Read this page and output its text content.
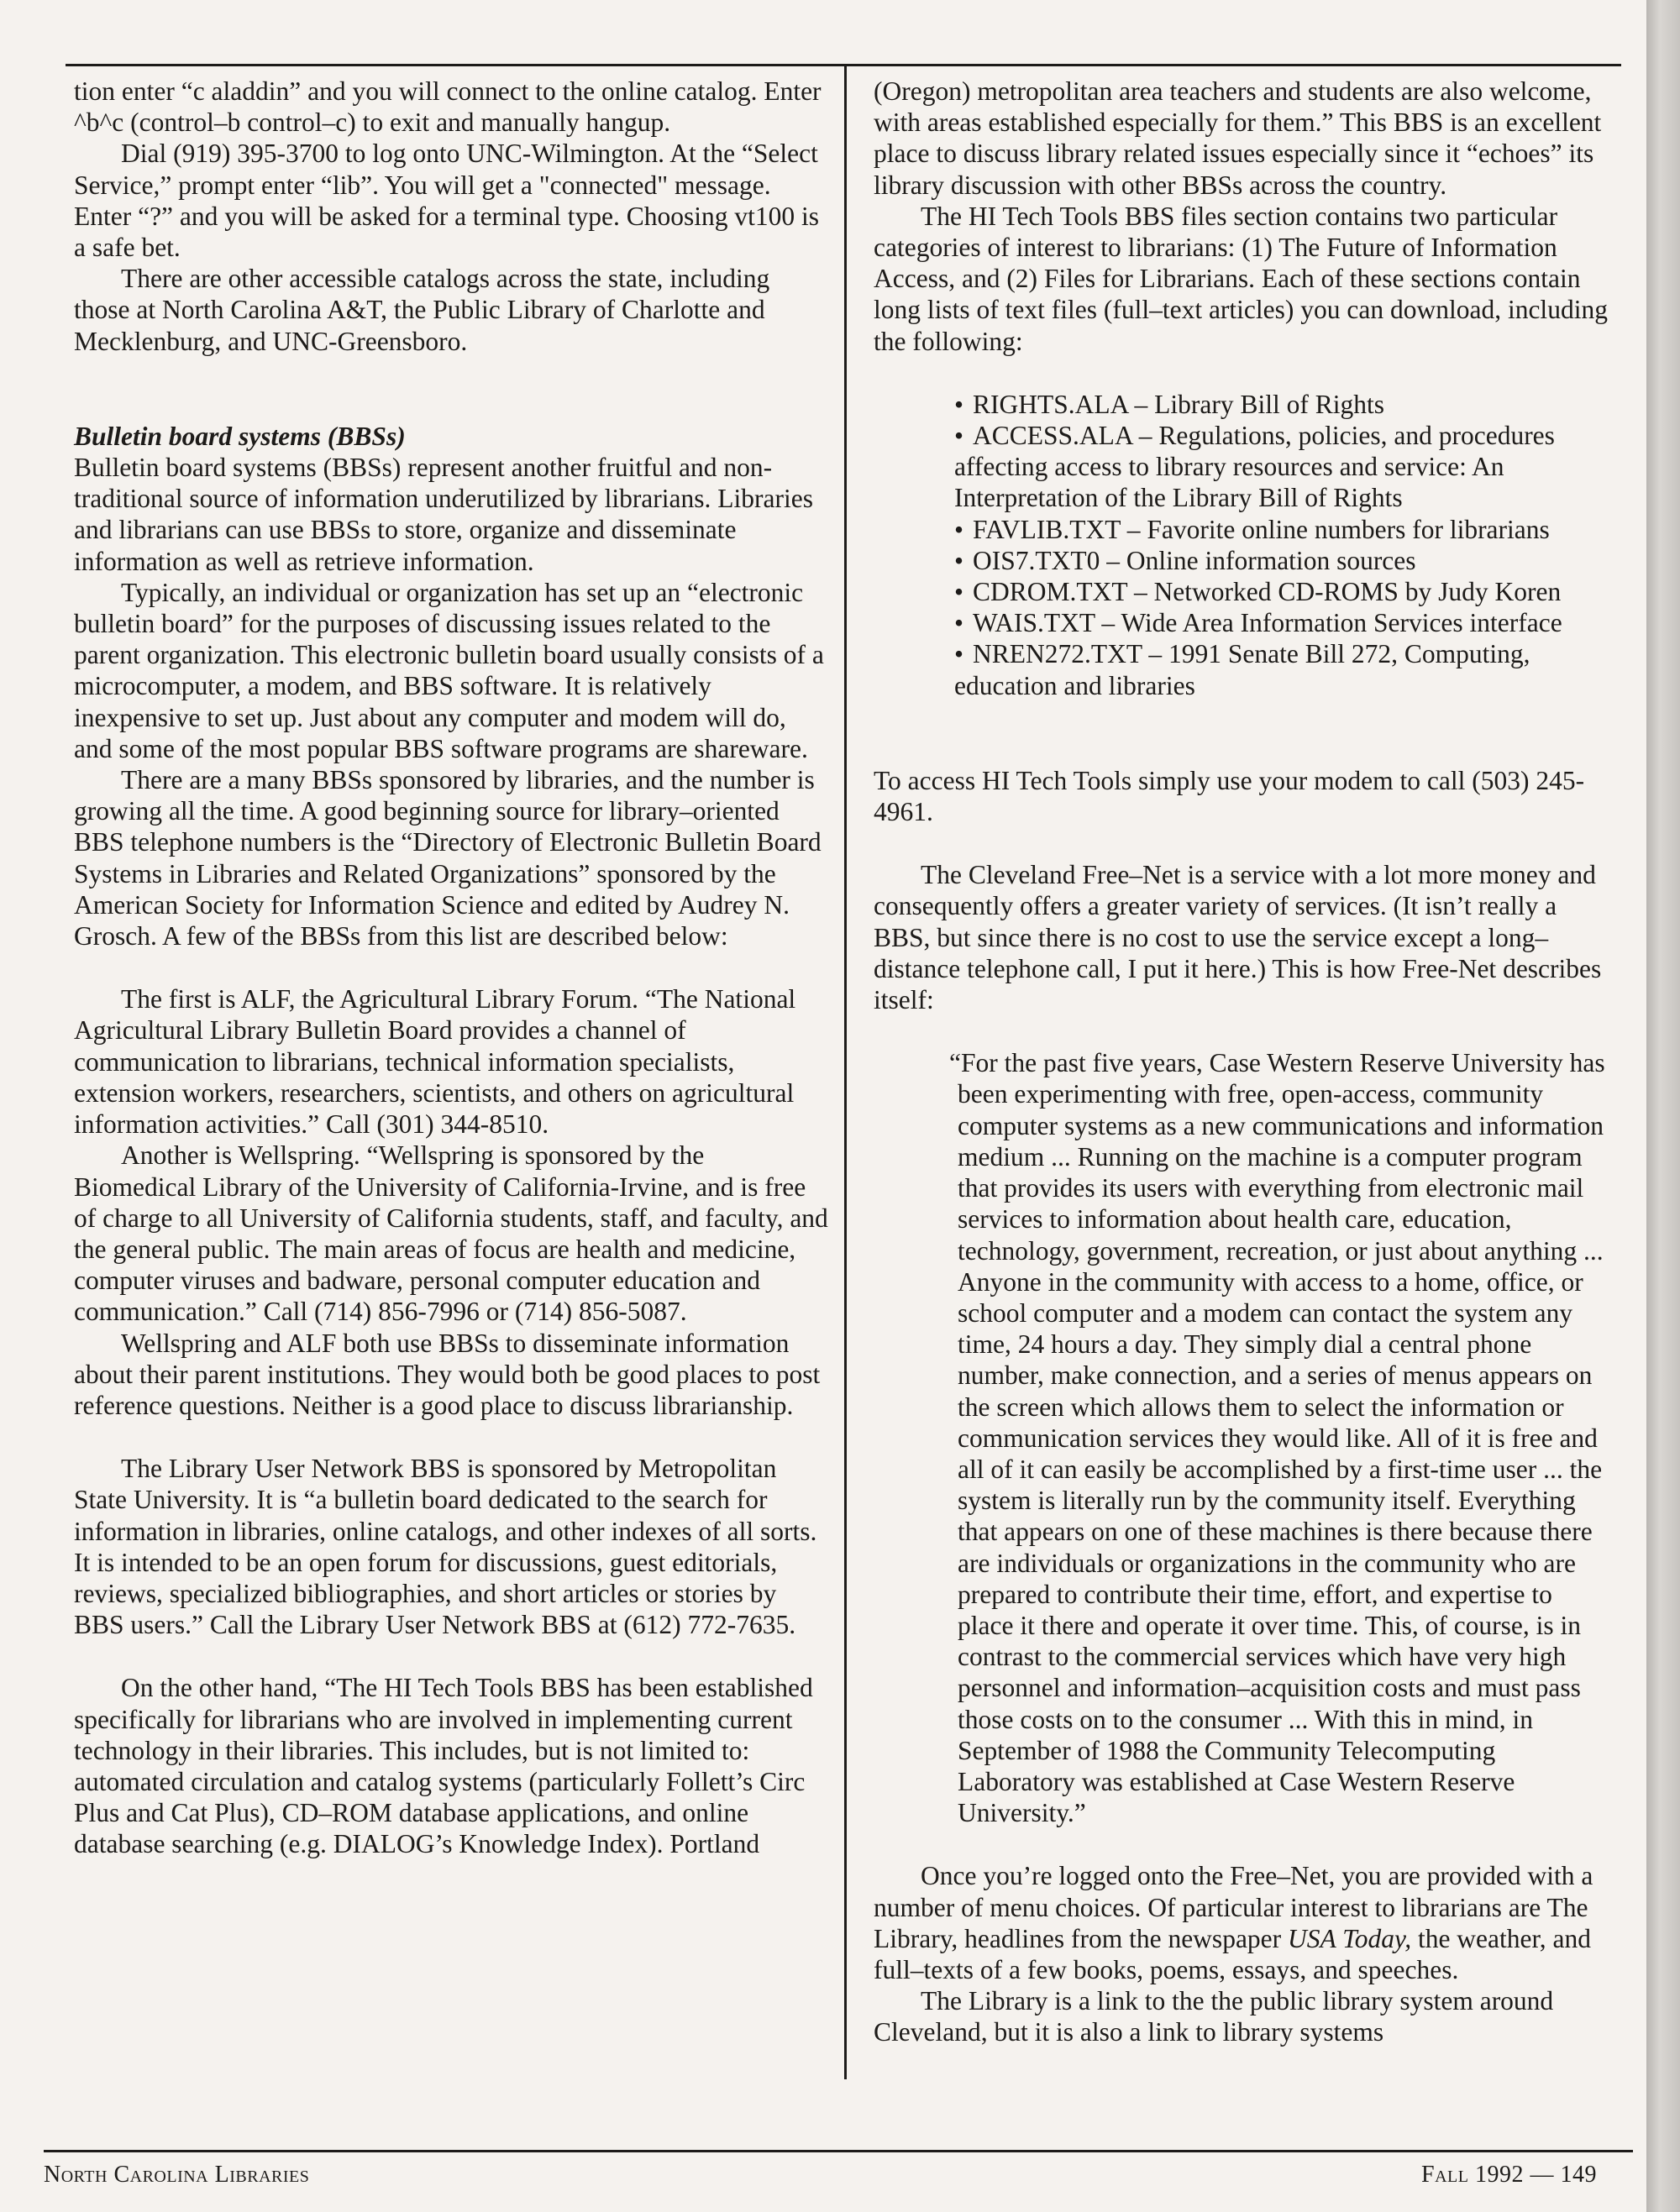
tion enter “c aladdin” and you will connect to the online catalog. Enter ^b^c (control–b control–c) to exit and manually hangup.

Dial (919) 395-3700 to log onto UNC-Wilmington. At the “Select Service,” prompt enter “lib”. You will get a "connected" message. Enter “?” and you will be asked for a terminal type. Choosing vt100 is a safe bet.

There are other accessible catalogs across the state, including those at North Carolina A&T, the Public Library of Charlotte and Mecklenburg, and UNC-Greensboro.

Bulletin board systems (BBSs)

Bulletin board systems (BBSs) represent another fruitful and non-traditional source of information underutilized by librarians. Libraries and librarians can use BBSs to store, organize and disseminate information as well as retrieve information.

Typically, an individual or organization has set up an “electronic bulletin board” for the purposes of discussing issues related to the parent organization. This electronic bulletin board usually consists of a microcomputer, a modem, and BBS software. It is relatively inexpensive to set up. Just about any computer and modem will do, and some of the most popular BBS software programs are shareware.

There are a many BBSs sponsored by libraries, and the number is growing all the time. A good beginning source for library–oriented BBS telephone numbers is the “Directory of Electronic Bulletin Board Systems in Libraries and Related Organizations” sponsored by the American Society for Information Science and edited by Audrey N. Grosch. A few of the BBSs from this list are described below:

The first is ALF, the Agricultural Library Forum. “The National Agricultural Library Bulletin Board provides a channel of communication to librarians, technical information specialists, extension workers, researchers, scientists, and others on agricultural information activities.” Call (301) 344-8510.

Another is Wellspring. “Wellspring is sponsored by the Biomedical Library of the University of California-Irvine, and is free of charge to all University of California students, staff, and faculty, and the general public. The main areas of focus are health and medicine, computer viruses and badware, personal computer education and communication.” Call (714) 856-7996 or (714) 856-5087.

Wellspring and ALF both use BBSs to disseminate information about their parent institutions. They would both be good places to post reference questions. Neither is a good place to discuss librarianship.

The Library User Network BBS is sponsored by Metropolitan State University. It is “a bulletin board dedicated to the search for information in libraries, online catalogs, and other indexes of all sorts. It is intended to be an open forum for discussions, guest editorials, reviews, specialized bibliographies, and short articles or stories by BBS users.” Call the Library User Network BBS at (612) 772-7635.

On the other hand, “The HI Tech Tools BBS has been established specifically for librarians who are involved in implementing current technology in their libraries. This includes, but is not limited to: automated circulation and catalog systems (particularly Follett’s Circ Plus and Cat Plus), CD–ROM database applications, and online database searching (e.g. DIALOG’s Knowledge Index). Portland

(Oregon) metropolitan area teachers and students are also welcome, with areas established especially for them.” This BBS is an excellent place to discuss library related issues especially since it “echoes” its library discussion with other BBSs across the country.

The HI Tech Tools BBS files section contains two particular categories of interest to librarians: (1) The Future of Information Access, and (2) Files for Librarians. Each of these sections contain long lists of text files (full–text articles) you can download, including the following:

• RIGHTS.ALA – Library Bill of Rights

• ACCESS.ALA – Regulations, policies, and procedures affecting access to library resources and service: An Interpretation of the Library Bill of Rights

• FAVLIB.TXT – Favorite online numbers for librarians

• OIS7.TXT0 – Online information sources

• CDROM.TXT – Networked CD-ROMS by Judy Koren

• WAIS.TXT – Wide Area Information Services interface

• NREN272.TXT – 1991 Senate Bill 272, Computing, education and libraries

To access HI Tech Tools simply use your modem to call (503) 245-4961.

The Cleveland Free–Net is a service with a lot more money and consequently offers a greater variety of services. (It isn’t really a BBS, but since there is no cost to use the service except a long–distance telephone call, I put it here.) This is how Free-Net describes itself:

“For the past five years, Case Western Reserve University has been experimenting with free, open-access, community computer systems as a new communications and information medium ... Running on the machine is a computer program that provides its users with everything from electronic mail services to information about health care, education, technology, government, recreation, or just about anything ... Anyone in the community with access to a home, office, or school computer and a modem can contact the system any time, 24 hours a day. They simply dial a central phone number, make connection, and a series of menus appears on the screen which allows them to select the information or communication services they would like. All of it is free and all of it can easily be accomplished by a first-time user ... the system is literally run by the community itself. Everything that appears on one of these machines is there because there are individuals or organizations in the community who are prepared to contribute their time, effort, and expertise to place it there and operate it over time. This, of course, is in contrast to the commercial services which have very high personnel and information–acquisition costs and must pass those costs on to the consumer ... With this in mind, in September of 1988 the Community Telecomputing Laboratory was established at Case Western Reserve University.”

Once you’re logged onto the Free–Net, you are provided with a number of menu choices. Of particular interest to librarians are The Library, headlines from the newspaper USA Today, the weather, and full–texts of a few books, poems, essays, and speeches.

The Library is a link to the the public library system around Cleveland, but it is also a link to library systems

North Carolina Libraries	Fall 1992 — 149
